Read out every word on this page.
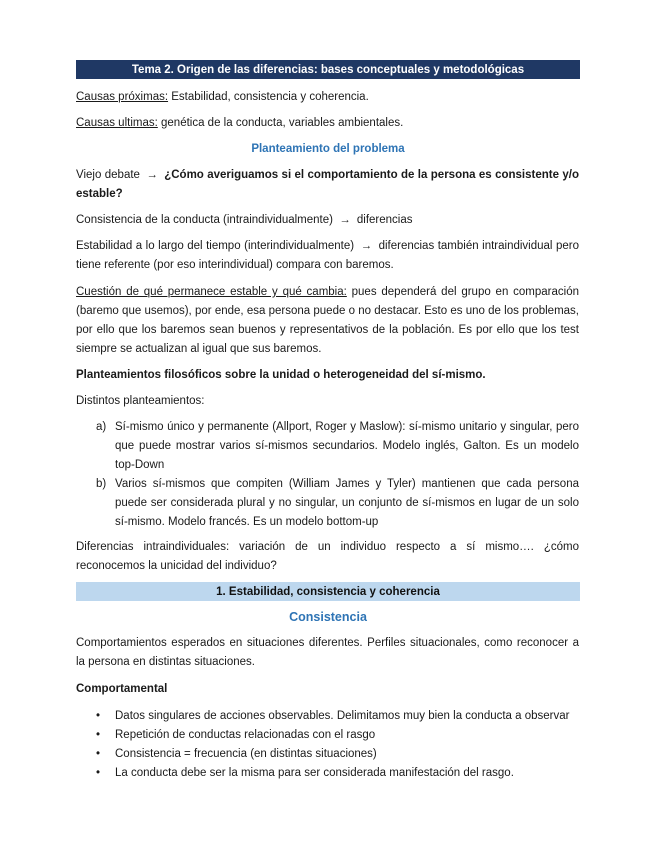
Tema 2. Origen de las diferencias: bases conceptuales y metodológicas
Causas próximas: Estabilidad, consistencia y coherencia.
Causas ultimas: genética de la conducta, variables ambientales.
Planteamiento del problema
Viejo debate → ¿Cómo averiguamos si el comportamiento de la persona es consistente y/o estable?
Consistencia de la conducta (intraindividualmente) → diferencias
Estabilidad a lo largo del tiempo (interindividualmente) → diferencias también intraindividual pero tiene referente (por eso interindividual) compara con baremos.
Cuestión de qué permanece estable y qué cambia: pues dependerá del grupo en comparación (baremo que usemos), por ende, esa persona puede o no destacar. Esto es uno de los problemas, por ello que los baremos sean buenos y representativos de la población. Es por ello que los test siempre se actualizan al igual que sus baremos.
Planteamientos filosóficos sobre la unidad o heterogeneidad del sí-mismo.
Distintos planteamientos:
a) Sí-mismo único y permanente (Allport, Roger y Maslow): sí-mismo unitario y singular, pero que puede mostrar varios sí-mismos secundarios. Modelo inglés, Galton. Es un modelo top-Down
b) Varios sí-mismos que compiten (William James y Tyler) mantienen que cada persona puede ser considerada plural y no singular, un conjunto de sí-mismos en lugar de un solo sí-mismo. Modelo francés. Es un modelo bottom-up
Diferencias intraindividuales: variación de un individuo respecto a sí mismo…. ¿cómo reconocemos la unicidad del individuo?
1. Estabilidad, consistencia y coherencia
Consistencia
Comportamientos esperados en situaciones diferentes. Perfiles situacionales, como reconocer a la persona en distintas situaciones.
Comportamental
• Datos singulares de acciones observables. Delimitamos muy bien la conducta a observar
• Repetición de conductas relacionadas con el rasgo
• Consistencia = frecuencia (en distintas situaciones)
• La conducta debe ser la misma para ser considerada manifestación del rasgo.
